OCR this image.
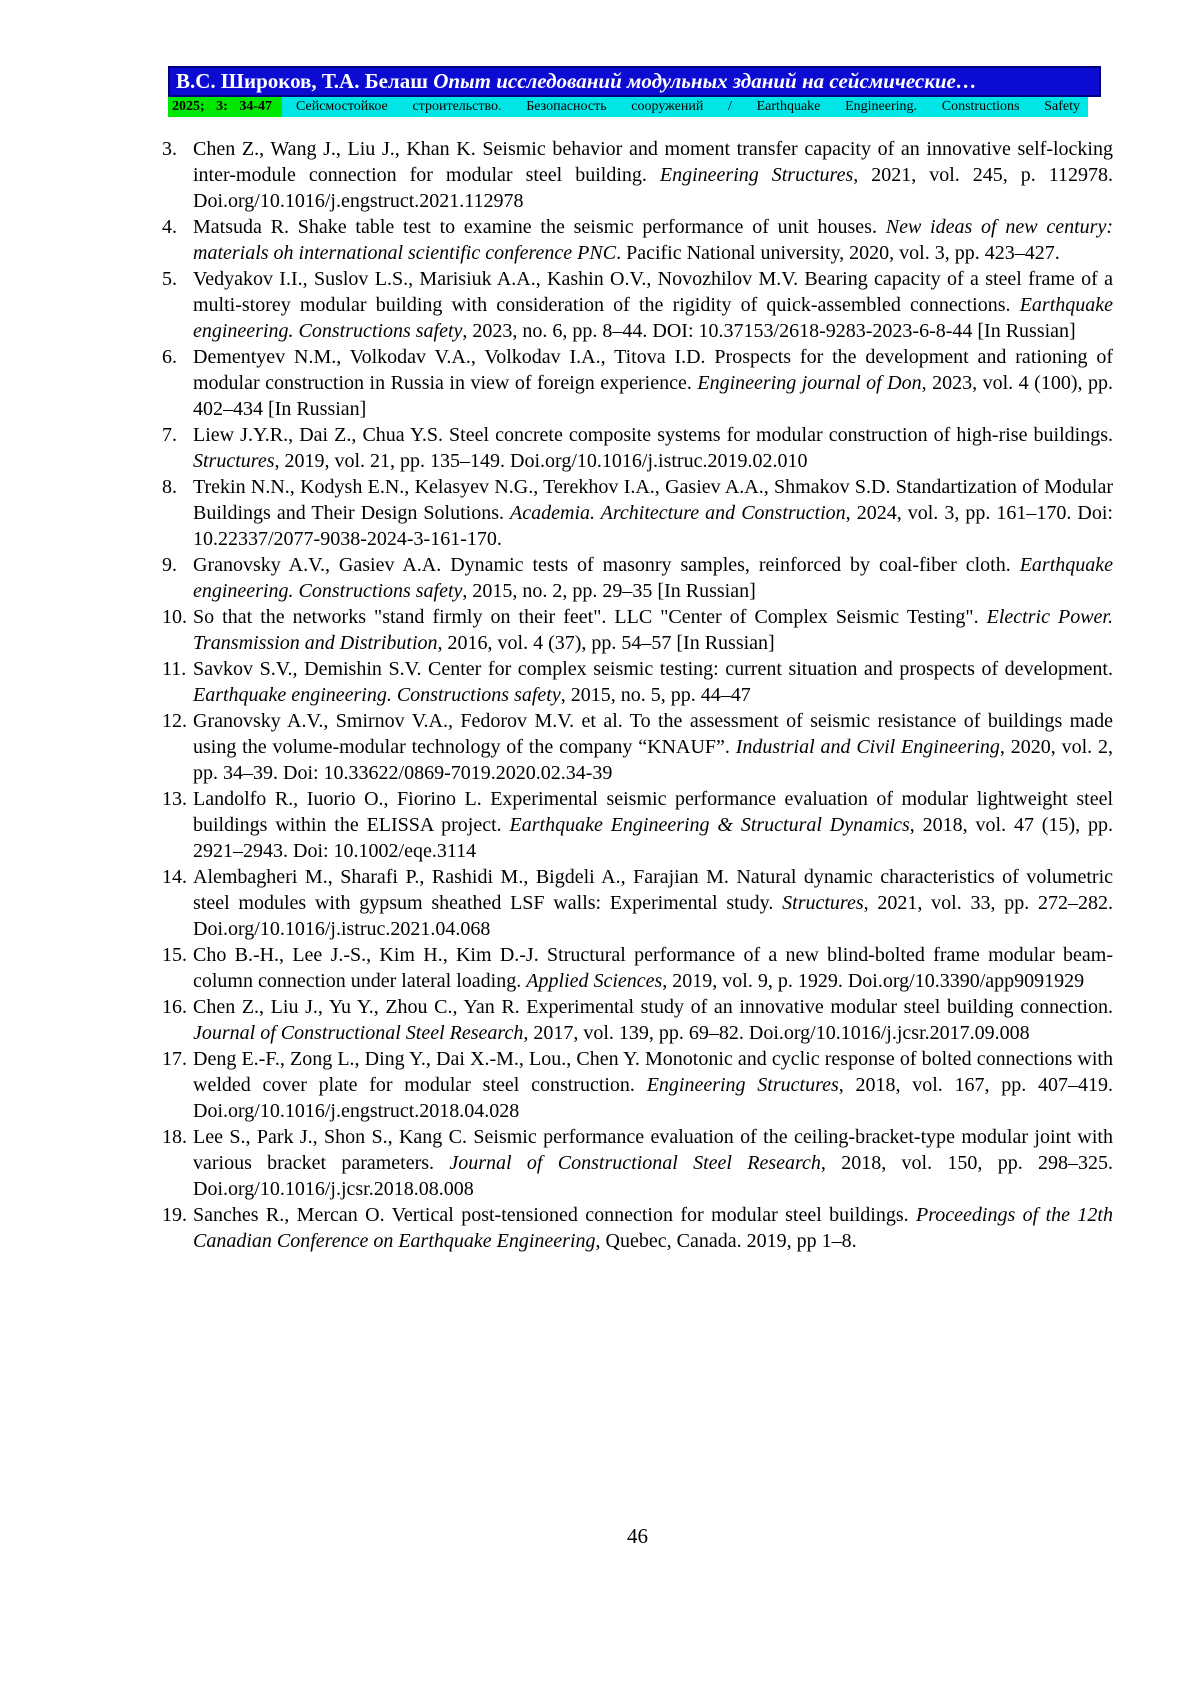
В.С. Широков, Т.А. Белаш Опыт исследований модульных зданий на сейсмические…
2025; 3: 34-47	Сейсмостойкое строительство. Безопасность сооружений / Earthquake Engineering. Constructions Safety
3. Chen Z., Wang J., Liu J., Khan K. Seismic behavior and moment transfer capacity of an innovative self-locking inter-module connection for modular steel building. Engineering Structures, 2021, vol. 245, p. 112978. Doi.org/10.1016/j.engstruct.2021.112978
4. Matsuda R. Shake table test to examine the seismic performance of unit houses. New ideas of new century: materials oh international scientific conference PNC. Pacific National university, 2020, vol. 3, pp. 423–427.
5. Vedyakov I.I., Suslov L.S., Marisiuk A.A., Kashin O.V., Novozhilov M.V. Bearing capacity of a steel frame of a multi-storey modular building with consideration of the rigidity of quick-assembled connections. Earthquake engineering. Constructions safety, 2023, no. 6, pp. 8–44. DOI: 10.37153/2618-9283-2023-6-8-44 [In Russian]
6. Dementyev N.M., Volkodav V.A., Volkodav I.A., Titova I.D. Prospects for the development and rationing of modular construction in Russia in view of foreign experience. Engineering journal of Don, 2023, vol. 4 (100), pp. 402–434 [In Russian]
7. Liew J.Y.R., Dai Z., Chua Y.S. Steel concrete composite systems for modular construction of high-rise buildings. Structures, 2019, vol. 21, pp. 135–149. Doi.org/10.1016/j.istruc.2019.02.010
8. Trekin N.N., Kodysh E.N., Kelasyev N.G., Terekhov I.A., Gasiev A.A., Shmakov S.D. Standartization of Modular Buildings and Their Design Solutions. Academia. Architecture and Construction, 2024, vol. 3, pp. 161–170. Doi: 10.22337/2077-9038-2024-3-161-170.
9. Granovsky A.V., Gasiev A.A. Dynamic tests of masonry samples, reinforced by coal-fiber cloth. Earthquake engineering. Constructions safety, 2015, no. 2, pp. 29–35 [In Russian]
10. So that the networks "stand firmly on their feet". LLC "Center of Complex Seismic Testing". Electric Power. Transmission and Distribution, 2016, vol. 4 (37), pp. 54–57 [In Russian]
11. Savkov S.V., Demishin S.V. Center for complex seismic testing: current situation and prospects of development. Earthquake engineering. Constructions safety, 2015, no. 5, pp. 44–47
12. Granovsky A.V., Smirnov V.A., Fedorov M.V. et al. To the assessment of seismic resistance of buildings made using the volume-modular technology of the company “KNAUF”. Industrial and Civil Engineering, 2020, vol. 2, pp. 34–39. Doi: 10.33622/0869-7019.2020.02.34-39
13. Landolfo R., Iuorio O., Fiorino L. Experimental seismic performance evaluation of modular lightweight steel buildings within the ELISSA project. Earthquake Engineering & Structural Dynamics, 2018, vol. 47 (15), pp. 2921–2943. Doi: 10.1002/eqe.3114
14. Alembagheri M., Sharafi P., Rashidi M., Bigdeli A., Farajian M. Natural dynamic characteristics of volumetric steel modules with gypsum sheathed LSF walls: Experimental study. Structures, 2021, vol. 33, pp. 272–282. Doi.org/10.1016/j.istruc.2021.04.068
15. Cho B.-H., Lee J.-S., Kim H., Kim D.-J. Structural performance of a new blind-bolted frame modular beam-column connection under lateral loading. Applied Sciences, 2019, vol. 9, p. 1929. Doi.org/10.3390/app9091929
16. Chen Z., Liu J., Yu Y., Zhou C., Yan R. Experimental study of an innovative modular steel building connection. Journal of Constructional Steel Research, 2017, vol. 139, pp. 69–82. Doi.org/10.1016/j.jcsr.2017.09.008
17. Deng E.-F., Zong L., Ding Y., Dai X.-M., Lou., Chen Y. Monotonic and cyclic response of bolted connections with welded cover plate for modular steel construction. Engineering Structures, 2018, vol. 167, pp. 407–419. Doi.org/10.1016/j.engstruct.2018.04.028
18. Lee S., Park J., Shon S., Kang C. Seismic performance evaluation of the ceiling-bracket-type modular joint with various bracket parameters. Journal of Constructional Steel Research, 2018, vol. 150, pp. 298–325. Doi.org/10.1016/j.jcsr.2018.08.008
19. Sanches R., Mercan O. Vertical post-tensioned connection for modular steel buildings. Proceedings of the 12th Canadian Conference on Earthquake Engineering, Quebec, Canada. 2019, pp 1–8.
46
